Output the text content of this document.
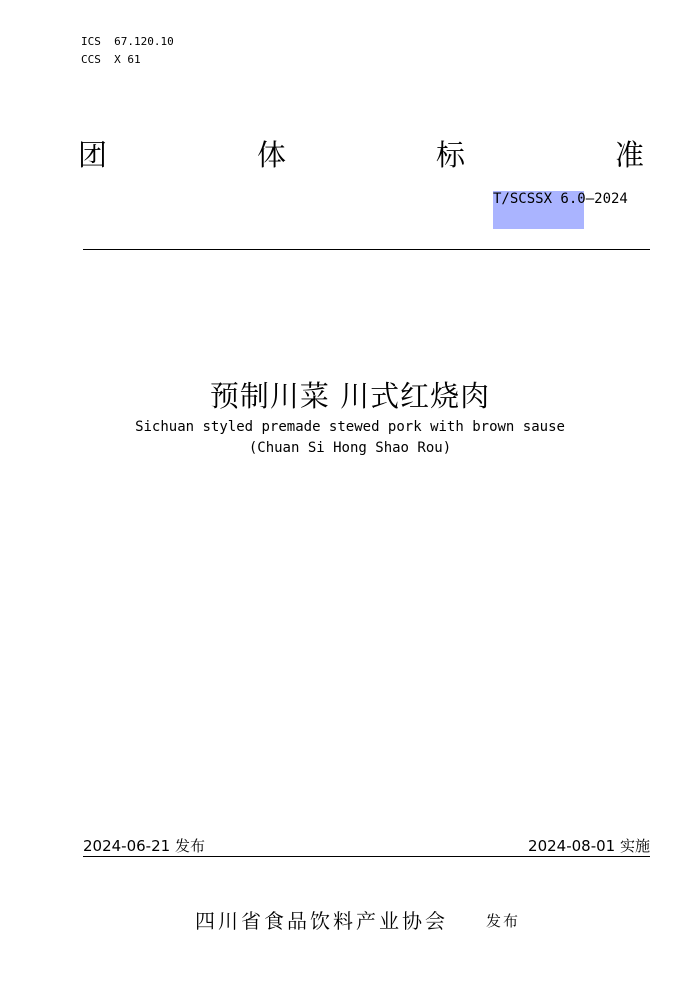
ICS  67.120.10
CCS  X 61
团	体	标	准
T/SCSSX 6.0—2024
预制川菜 川式红烧肉
Sichuan styled premade stewed pork with brown sause
(Chuan Si Hong Shao Rou)
2024-06-21 发布	2024-08-01 实施
四川省食品饮料产业协会	发布
